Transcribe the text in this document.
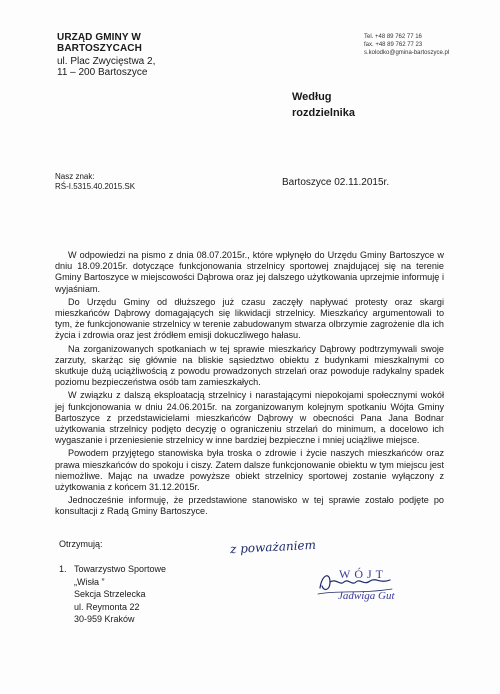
URZĄD GMINY W
BARTOSZYCACH
ul. Plac Zwycięstwa 2,
11 – 200 Bartoszyce
Tel. +48 89 762 77 16
fax. +48 89 762 77 23
s.kolodko@gmina-bartoszyce.pl
Według
rozdzielnika
Nasz znak:
RŚ-I.5315.40.2015.SK	Bartoszyce 02.11.2015r.

W odpowiedzi na pismo z dnia 08.07.2015r., które wpłynęło do Urzędu Gminy Bartoszyce w dniu 18.09.2015r. dotyczące funkcjonowania strzelnicy sportowej znajdującej się na terenie Gminy Bartoszyce w miejscowości Dąbrowa oraz jej dalszego użytkowania uprzejmie informuję i wyjaśniam.

Do Urzędu Gminy od dłuższego już czasu zaczęły napływać protesty oraz skargi mieszkańców Dąbrowy domagających się likwidacji strzelnicy. Mieszkańcy argumentowali to tym, że funkcjonowanie strzelnicy w terenie zabudowanym stwarza olbrzymie zagrożenie dla ich życia i zdrowia oraz jest źródłem emisji dokuczliwego hałasu.

Na zorganizowanych spotkaniach w tej sprawie mieszkańcy Dąbrowy podtrzymywali swoje zarzuty, skarżąc się głównie na bliskie sąsiedztwo obiektu z budynkami mieszkalnymi co skutkuje dużą uciążliwością z powodu prowadzonych strzelań oraz powoduje radykalny spadek poziomu bezpieczeństwa osób tam zamieszkałych.

W związku z dalszą eksploatacją strzelnicy i narastającymi niepokojami społecznymi wokół jej funkcjonowania w dniu 24.06.2015r. na zorganizowanym kolejnym spotkaniu Wójta Gminy Bartoszyce z przedstawicielami mieszkańców Dąbrowy w obecności Pana Jana Bodnar użytkowania strzelnicy podjęto decyzję o ograniczeniu strzelań do minimum, a docelowo ich wygaszanie i przeniesienie strzelnicy w inne bardziej bezpieczne i mniej uciążliwe miejsce.

Powodem przyjętego stanowiska była troska o zdrowie i życie naszych mieszkańców oraz prawa mieszkańców do spokoju i ciszy. Zatem dalsze funkcjonowanie obiektu w tym miejscu jest niemożliwe. Mając na uwadze powyższe obiekt strzelnicy sportowej zostanie wyłączony z użytkowania z końcem 31.12.2015r.

Jednocześnie informuję, że przedstawione stanowisko w tej sprawie zostało podjęte po konsultacji z Radą Gminy Bartoszyce.

Otrzymują:
1. Towarzystwo Sportowe
„Wisła ”
Sekcja Strzelecka
ul. Reymonta 22
30-959 Kraków
z poważaniem
WÓJT
Jadwiga Gut
